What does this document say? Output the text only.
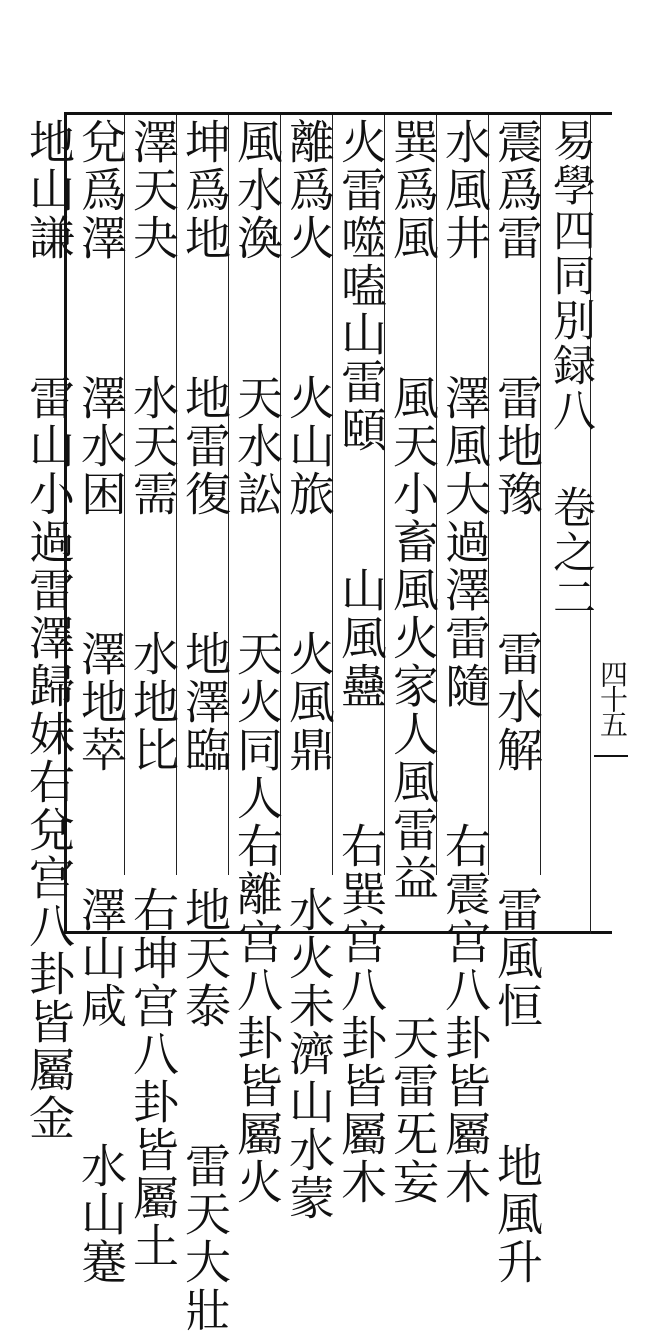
易學四同別録八 卷之二
四十五
震爲雷  雷地豫  雷水解  雷風恒  地風升
水風井  澤風大過澤雷隨  右震宫八卦皆屬木
巽爲風  風天小畜風火家人風雷益  天雷旡妄
火雷噬嗑山雷頤  山風蠱  右巽宫八卦皆屬木
離爲火  火山旅  火風鼎  水火未濟山水蒙
風水渙  天水訟  天火同人右離宫八卦皆屬火
坤爲地  地雷復  地澤臨  地天泰  雷天大壯
澤天夬  水天需  水地比  右坤宫八卦皆屬土
兌爲澤  澤水困  澤地萃  澤山咸  水山蹇
地山謙  雷山小過雷澤歸妹右兌宫八卦皆屬金
